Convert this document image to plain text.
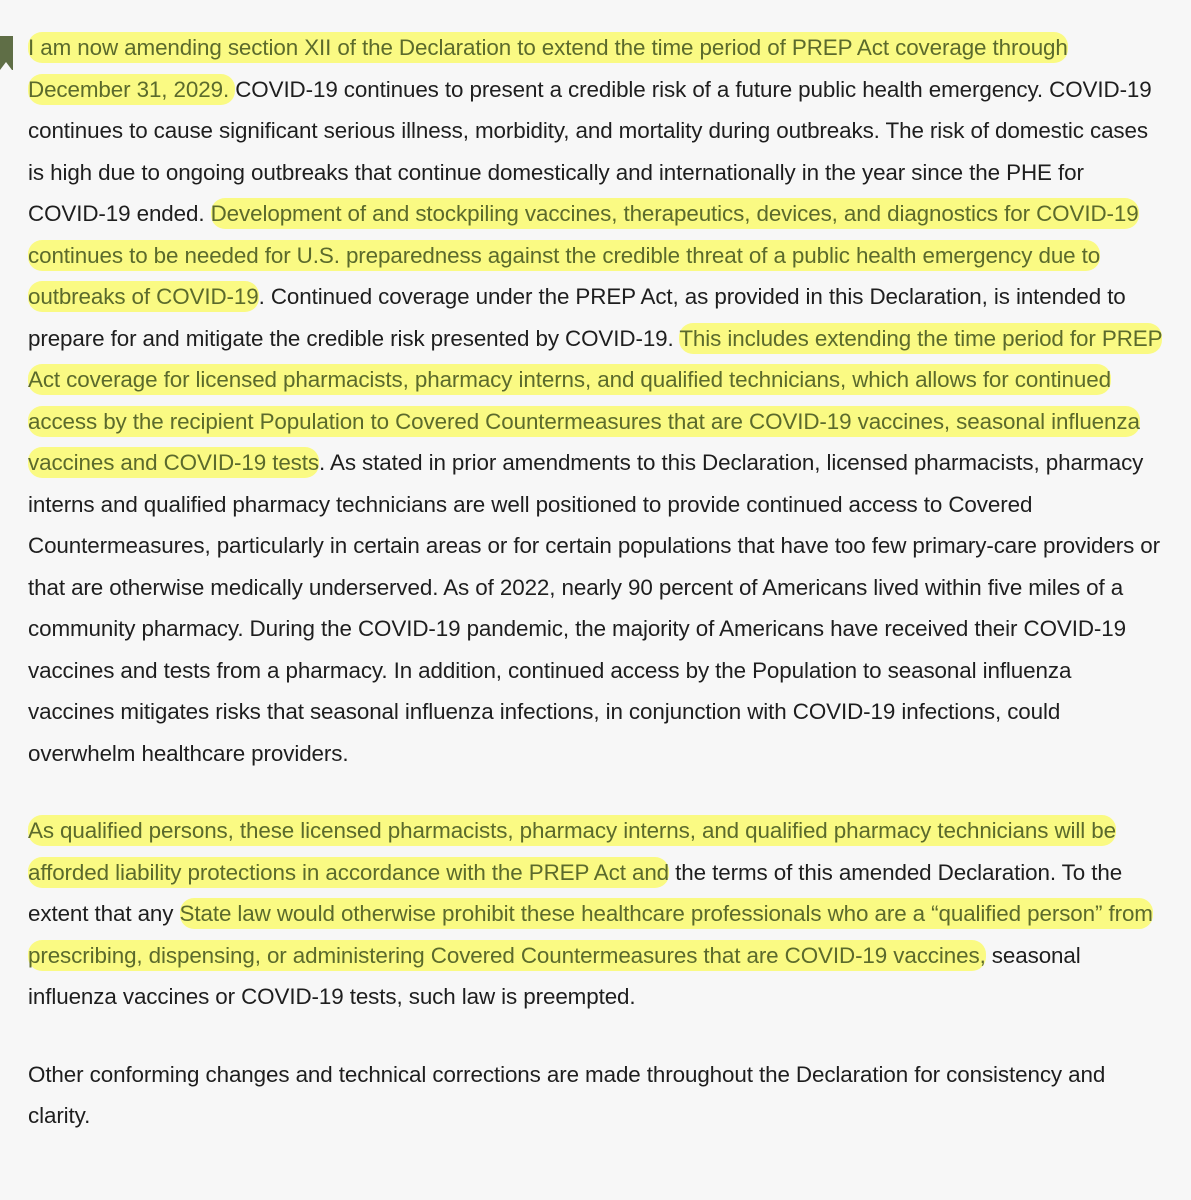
I am now amending section XII of the Declaration to extend the time period of PREP Act coverage through December 31, 2029. COVID-19 continues to present a credible risk of a future public health emergency. COVID-19 continues to cause significant serious illness, morbidity, and mortality during outbreaks. The risk of domestic cases is high due to ongoing outbreaks that continue domestically and internationally in the year since the PHE for COVID-19 ended. Development of and stockpiling vaccines, therapeutics, devices, and diagnostics for COVID-19 continues to be needed for U.S. preparedness against the credible threat of a public health emergency due to outbreaks of COVID-19. Continued coverage under the PREP Act, as provided in this Declaration, is intended to prepare for and mitigate the credible risk presented by COVID-19. This includes extending the time period for PREP Act coverage for licensed pharmacists, pharmacy interns, and qualified technicians, which allows for continued access by the recipient Population to Covered Countermeasures that are COVID-19 vaccines, seasonal influenza vaccines and COVID-19 tests. As stated in prior amendments to this Declaration, licensed pharmacists, pharmacy interns and qualified pharmacy technicians are well positioned to provide continued access to Covered Countermeasures, particularly in certain areas or for certain populations that have too few primary-care providers or that are otherwise medically underserved. As of 2022, nearly 90 percent of Americans lived within five miles of a community pharmacy. During the COVID-19 pandemic, the majority of Americans have received their COVID-19 vaccines and tests from a pharmacy. In addition, continued access by the Population to seasonal influenza vaccines mitigates risks that seasonal influenza infections, in conjunction with COVID-19 infections, could overwhelm healthcare providers.

As qualified persons, these licensed pharmacists, pharmacy interns, and qualified pharmacy technicians will be afforded liability protections in accordance with the PREP Act and the terms of this amended Declaration. To the extent that any State law would otherwise prohibit these healthcare professionals who are a “qualified person” from prescribing, dispensing, or administering Covered Countermeasures that are COVID-19 vaccines, seasonal influenza vaccines or COVID-19 tests, such law is preempted.

Other conforming changes and technical corrections are made throughout the Declaration for consistency and clarity.
